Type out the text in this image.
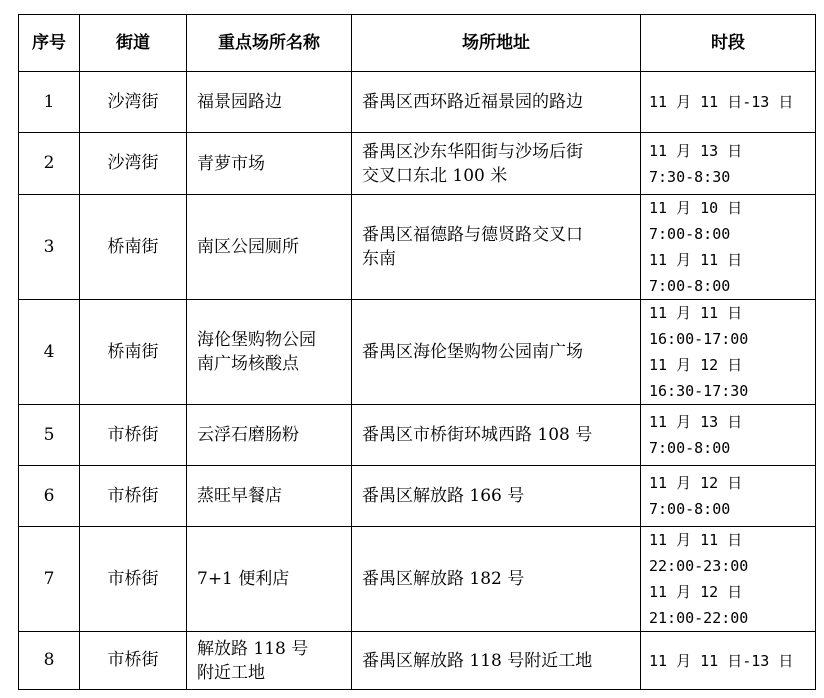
序号	街道	重点场所名称	场所地址	时段
1	沙湾街	福景园路边	番禺区西环路近福景园的路边	11 月 11 日-13 日

2	沙湾街	青萝市场	番禺区沙东华阳街与沙场后街
交叉口东北 100 米	11 月 13 日
7:30-8:30

3	桥南街	南区公园厕所	番禺区福德路与德贤路交叉口
东南	11 月 10 日
7:00-8:00
11 月 11 日
7:00-8:00

4	桥南街	海伦堡购物公园
南广场核酸点	番禺区海伦堡购物公园南广场	11 月 11 日
16:00-17:00
11 月 12 日
16:30-17:30

5	市桥街	云浮石磨肠粉	番禺区市桥街环城西路 108 号	11 月 13 日
7:00-8:00

6	市桥街	蒸旺早餐店	番禺区解放路 166 号	11 月 12 日
7:00-8:00

7	市桥街	7+1 便利店	番禺区解放路 182 号	11 月 11 日
22:00-23:00
11 月 12 日
21:00-22:00

8	市桥街	解放路 118 号
附近工地	番禺区解放路 118 号附近工地	11 月 11 日-13 日
